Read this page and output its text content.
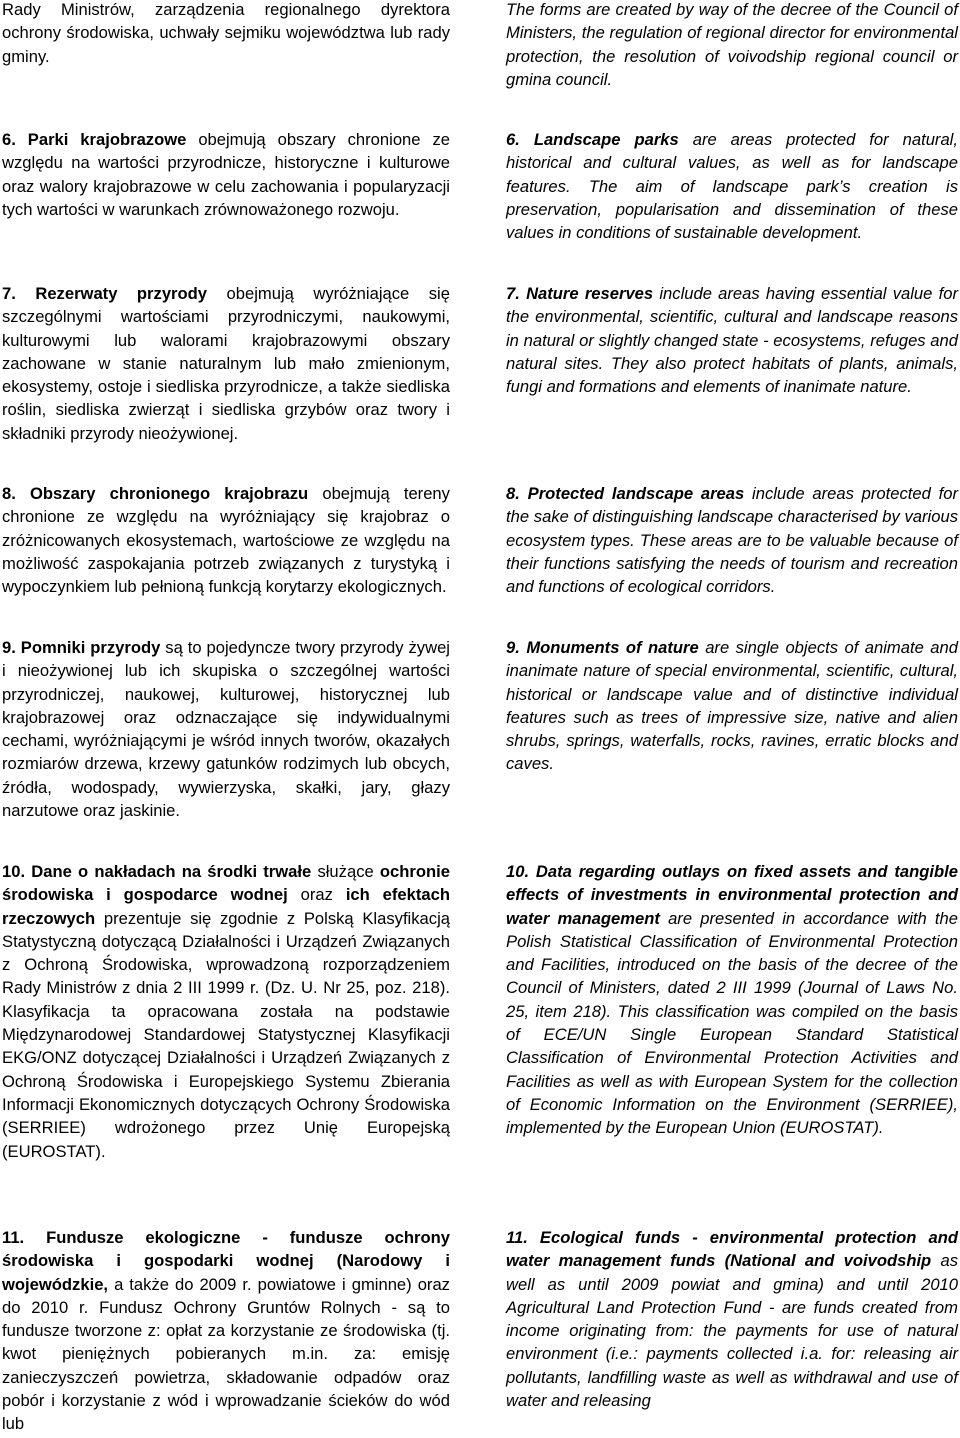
Rady Ministrów, zarządzenia regionalnego dyrektora ochrony środowiska, uchwały sejmiku województwa lub rady gminy.

6. Parki krajobrazowe obejmują obszary chronione ze względu na wartości przyrodnicze, historyczne i kulturowe oraz walory krajobrazowe w celu zachowania i popularyzacji tych wartości w warunkach zrównoważonego rozwoju.

7. Rezerwaty przyrody obejmują wyróżniające się szczególnymi wartościami przyrodniczymi, naukowymi, kulturowymi lub walorami krajobrazowymi obszary zachowane w stanie naturalnym lub mało zmienionym, ekosystemy, ostoje i siedliska przyrodnicze, a także siedliska roślin, siedliska zwierząt i siedliska grzybów oraz twory i składniki przyrody nieożywionej.

8. Obszary chronionego krajobrazu obejmują tereny chronione ze względu na wyróżniający się krajobraz o zróżnicowanych ekosystemach, wartościowe ze względu na możliwość zaspokajania potrzeb związanych z turystyką i wypoczynkiem lub pełnioną funkcją korytarzy ekologicznych.

9. Pomniki przyrody są to pojedyncze twory przyrody żywej i nieożywionej lub ich skupiska o szczególnej wartości przyrodniczej, naukowej, kulturowej, historycznej lub krajobrazowej oraz odznaczające się indywidualnymi cechami, wyróżniającymi je wśród innych tworów, okazałych rozmiarów drzewa, krzewy gatunków rodzimych lub obcych, źródła, wodospady, wywierzyska, skałki, jary, głazy narzutowe oraz jaskinie.

10. Dane o nakładach na środki trwałe służące ochronie środowiska i gospodarce wodnej oraz ich efektach rzeczowych prezentuje się zgodnie z Polską Klasyfikacją Statystyczną dotyczącą Działalności i Urządzeń Związanych z Ochroną Środowiska, wprowadzoną rozporządzeniem Rady Ministrów z dnia 2 III 1999 r. (Dz. U. Nr 25, poz. 218). Klasyfikacja ta opracowana została na podstawie Międzynarodowej Standardowej Statystycznej Klasyfikacji EKG/ONZ dotyczącej Działalności i Urządzeń Związanych z Ochroną Środowiska i Europejskiego Systemu Zbierania Informacji Ekonomicznych dotyczących Ochrony Środowiska (SERRIEE) wdrożonego przez Unię Europejską (EUROSTAT).

11. Fundusze ekologiczne - fundusze ochrony środowiska i gospodarki wodnej (Narodowy i wojewódzkie, a także do 2009 r. powiatowe i gminne) oraz do 2010 r. Fundusz Ochrony Gruntów Rolnych - są to fundusze tworzone z: opłat za korzystanie ze środowiska (tj. kwot pieniężnych pobieranych m.in. za: emisję zanieczyszczeń powietrza, składowanie odpadów oraz pobór i korzystanie z wód i wprowadzanie ścieków do wód lub

The forms are created by way of the decree of the Council of Ministers, the regulation of regional director for environmental protection, the resolution of voivodship regional council or gmina council.

6. Landscape parks are areas protected for natural, historical and cultural values, as well as for landscape features. The aim of landscape park’s creation is preservation, popularisation and dissemination of these values in conditions of sustainable development.

7. Nature reserves include areas having essential value for the environmental, scientific, cultural and landscape reasons in natural or slightly changed state - ecosystems, refuges and natural sites. They also protect habitats of plants, animals, fungi and formations and elements of inanimate nature.

8. Protected landscape areas include areas protected for the sake of distinguishing landscape characterised by various ecosystem types. These areas are to be valuable because of their functions satisfying the needs of tourism and recreation and functions of ecological corridors.

9. Monuments of nature are single objects of animate and inanimate nature of special environmental, scientific, cultural, historical or landscape value and of distinctive individual features such as trees of impressive size, native and alien shrubs, springs, waterfalls, rocks, ravines, erratic blocks and caves.

10. Data regarding outlays on fixed assets and tangible effects of investments in environmental protection and water management are presented in accordance with the Polish Statistical Classification of Environmental Protection and Facilities, introduced on the basis of the decree of the Council of Ministers, dated 2 III 1999 (Journal of Laws No. 25, item 218). This classification was compiled on the basis of ECE/UN Single European Standard Statistical Classification of Environmental Protection Activities and Facilities as well as with European System for the collection of Economic Information on the Environment (SERRIEE), implemented by the European Union (EUROSTAT).

11. Ecological funds - environmental protection and water management funds (National and voivodship as well as until 2009 powiat and gmina) and until 2010 Agricultural Land Protection Fund - are funds created from income originating from: the payments for use of natural environment (i.e.: payments collected i.a. for: releasing air pollutants, landfilling waste as well as withdrawal and use of water and releasing
